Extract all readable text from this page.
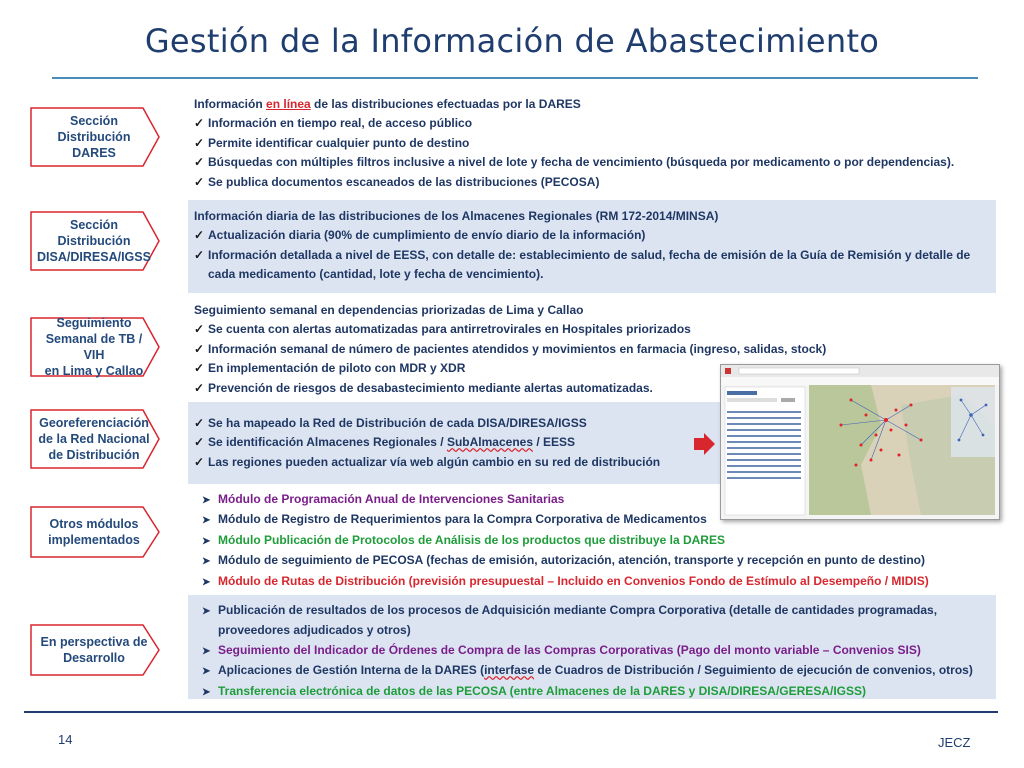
Gestión de la Información de Abastecimiento
Sección
Distribución
DARES
Sección
Distribución
DISA/DIRESA/IGSS
Seguimiento
Semanal de TB / VIH
en Lima y Callao
Georeferenciación
de la Red Nacional
de Distribución
Otros módulos
implementados
En perspectiva de
Desarrollo
Información en línea de las distribuciones efectuadas por la DARES
✓ Información en tiempo real, de acceso público
✓ Permite identificar cualquier punto de destino
✓ Búsquedas con múltiples filtros inclusive a nivel de lote y fecha de vencimiento (búsqueda por medicamento o por dependencias).
✓ Se publica documentos escaneados de las distribuciones (PECOSA)
Información diaria de las distribuciones de los Almacenes Regionales (RM 172-2014/MINSA)
✓ Actualización diaria (90% de cumplimiento de envío diario de la información)
✓ Información detallada a nivel de EESS, con detalle de: establecimiento de salud, fecha de emisión de la Guía de Remisión y detalle de
cada medicamento (cantidad, lote y fecha de vencimiento).
Seguimiento semanal en dependencias priorizadas de Lima y Callao
✓ Se cuenta con alertas automatizadas para antirretrovirales en Hospitales priorizados
✓ Información semanal de número de pacientes atendidos y movimientos en farmacia (ingreso, salidas, stock)
✓ En implementación de piloto con MDR y XDR
✓ Prevención de riesgos de desabastecimiento mediante alertas automatizadas.
✓ Se ha mapeado la Red de Distribución de cada DISA/DIRESA/IGSS
✓ Se identificación Almacenes Regionales / SubAlmacenes / EESS
✓ Las regiones pueden actualizar vía web algún cambio en su red de distribución
➤ Módulo de Programación Anual de Intervenciones Sanitarias
➤ Módulo de Registro de Requerimientos para la Compra Corporativa de Medicamentos
➤ Módulo Publicación de Protocolos de Análisis de los productos que distribuye la DARES
➤ Módulo de seguimiento de PECOSA (fechas de emisión, autorización, atención, transporte y recepción en punto de destino)
➤ Módulo de Rutas de Distribución (previsión presupuestal – Incluido en Convenios Fondo de Estímulo al Desempeño / MIDIS)
➤ Publicación de resultados de los procesos de Adquisición mediante Compra Corporativa (detalle de cantidades programadas,
proveedores adjudicados y otros)
➤ Seguimiento del Indicador de Órdenes de Compra de las Compras Corporativas (Pago del monto variable – Convenios SIS)
➤ Aplicaciones de Gestión Interna de la DARES (interfase de Cuadros de Distribución / Seguimiento de ejecución de convenios, otros)
➤ Transferencia electrónica de datos de las PECOSA (entre Almacenes de la DARES y DISA/DIRESA/GERESA/IGSS)
14	JECZ
